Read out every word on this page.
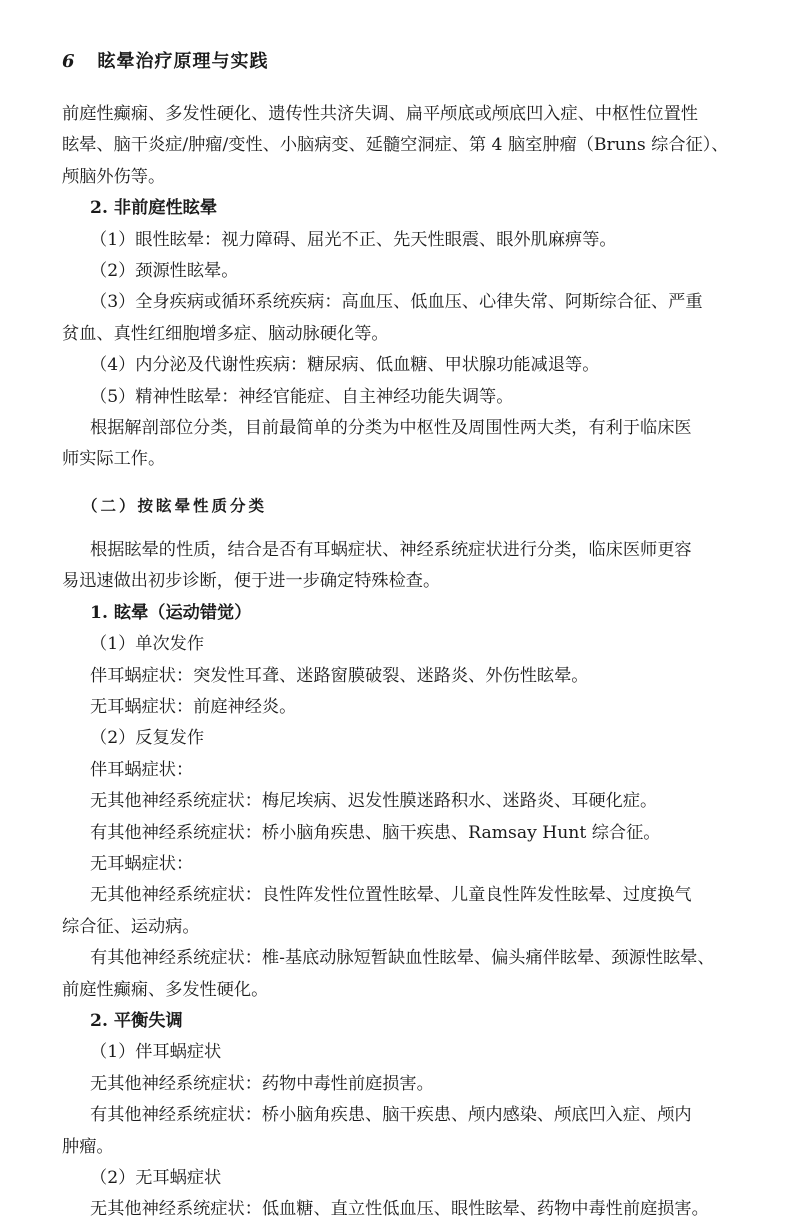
6 眩晕治疗原理与实践
前庭性癫痫、多发性硬化、遗传性共济失调、扁平颅底或颅底凹入症、中枢性位置性
眩晕、脑干炎症/肿瘤/变性、小脑病变、延髓空洞症、第 4 脑室肿瘤（Bruns 综合征）、
颅脑外伤等。
2. 非前庭性眩晕
（1）眼性眩晕：视力障碍、屈光不正、先天性眼震、眼外肌麻痹等。
（2）颈源性眩晕。
（3）全身疾病或循环系统疾病：高血压、低血压、心律失常、阿斯综合征、严重
贫血、真性红细胞增多症、脑动脉硬化等。
（4）内分泌及代谢性疾病：糖尿病、低血糖、甲状腺功能减退等。
（5）精神性眩晕：神经官能症、自主神经功能失调等。
根据解剖部位分类，目前最简单的分类为中枢性及周围性两大类，有利于临床医
师实际工作。
（二）按眩晕性质分类
根据眩晕的性质，结合是否有耳蜗症状、神经系统症状进行分类，临床医师更容
易迅速做出初步诊断，便于进一步确定特殊检查。
1. 眩晕（运动错觉）
（1）单次发作
伴耳蜗症状：突发性耳聋、迷路窗膜破裂、迷路炎、外伤性眩晕。
无耳蜗症状：前庭神经炎。
（2）反复发作
伴耳蜗症状：
无其他神经系统症状：梅尼埃病、迟发性膜迷路积水、迷路炎、耳硬化症。
有其他神经系统症状：桥小脑角疾患、脑干疾患、Ramsay Hunt 综合征。
无耳蜗症状：
无其他神经系统症状：良性阵发性位置性眩晕、儿童良性阵发性眩晕、过度换气
综合征、运动病。
有其他神经系统症状：椎-基底动脉短暂缺血性眩晕、偏头痛伴眩晕、颈源性眩晕、
前庭性癫痫、多发性硬化。
2. 平衡失调
（1）伴耳蜗症状
无其他神经系统症状：药物中毒性前庭损害。
有其他神经系统症状：桥小脑角疾患、脑干疾患、颅内感染、颅底凹入症、颅内
肿瘤。
（2）无耳蜗症状
无其他神经系统症状：低血糖、直立性低血压、眼性眩晕、药物中毒性前庭损害。
